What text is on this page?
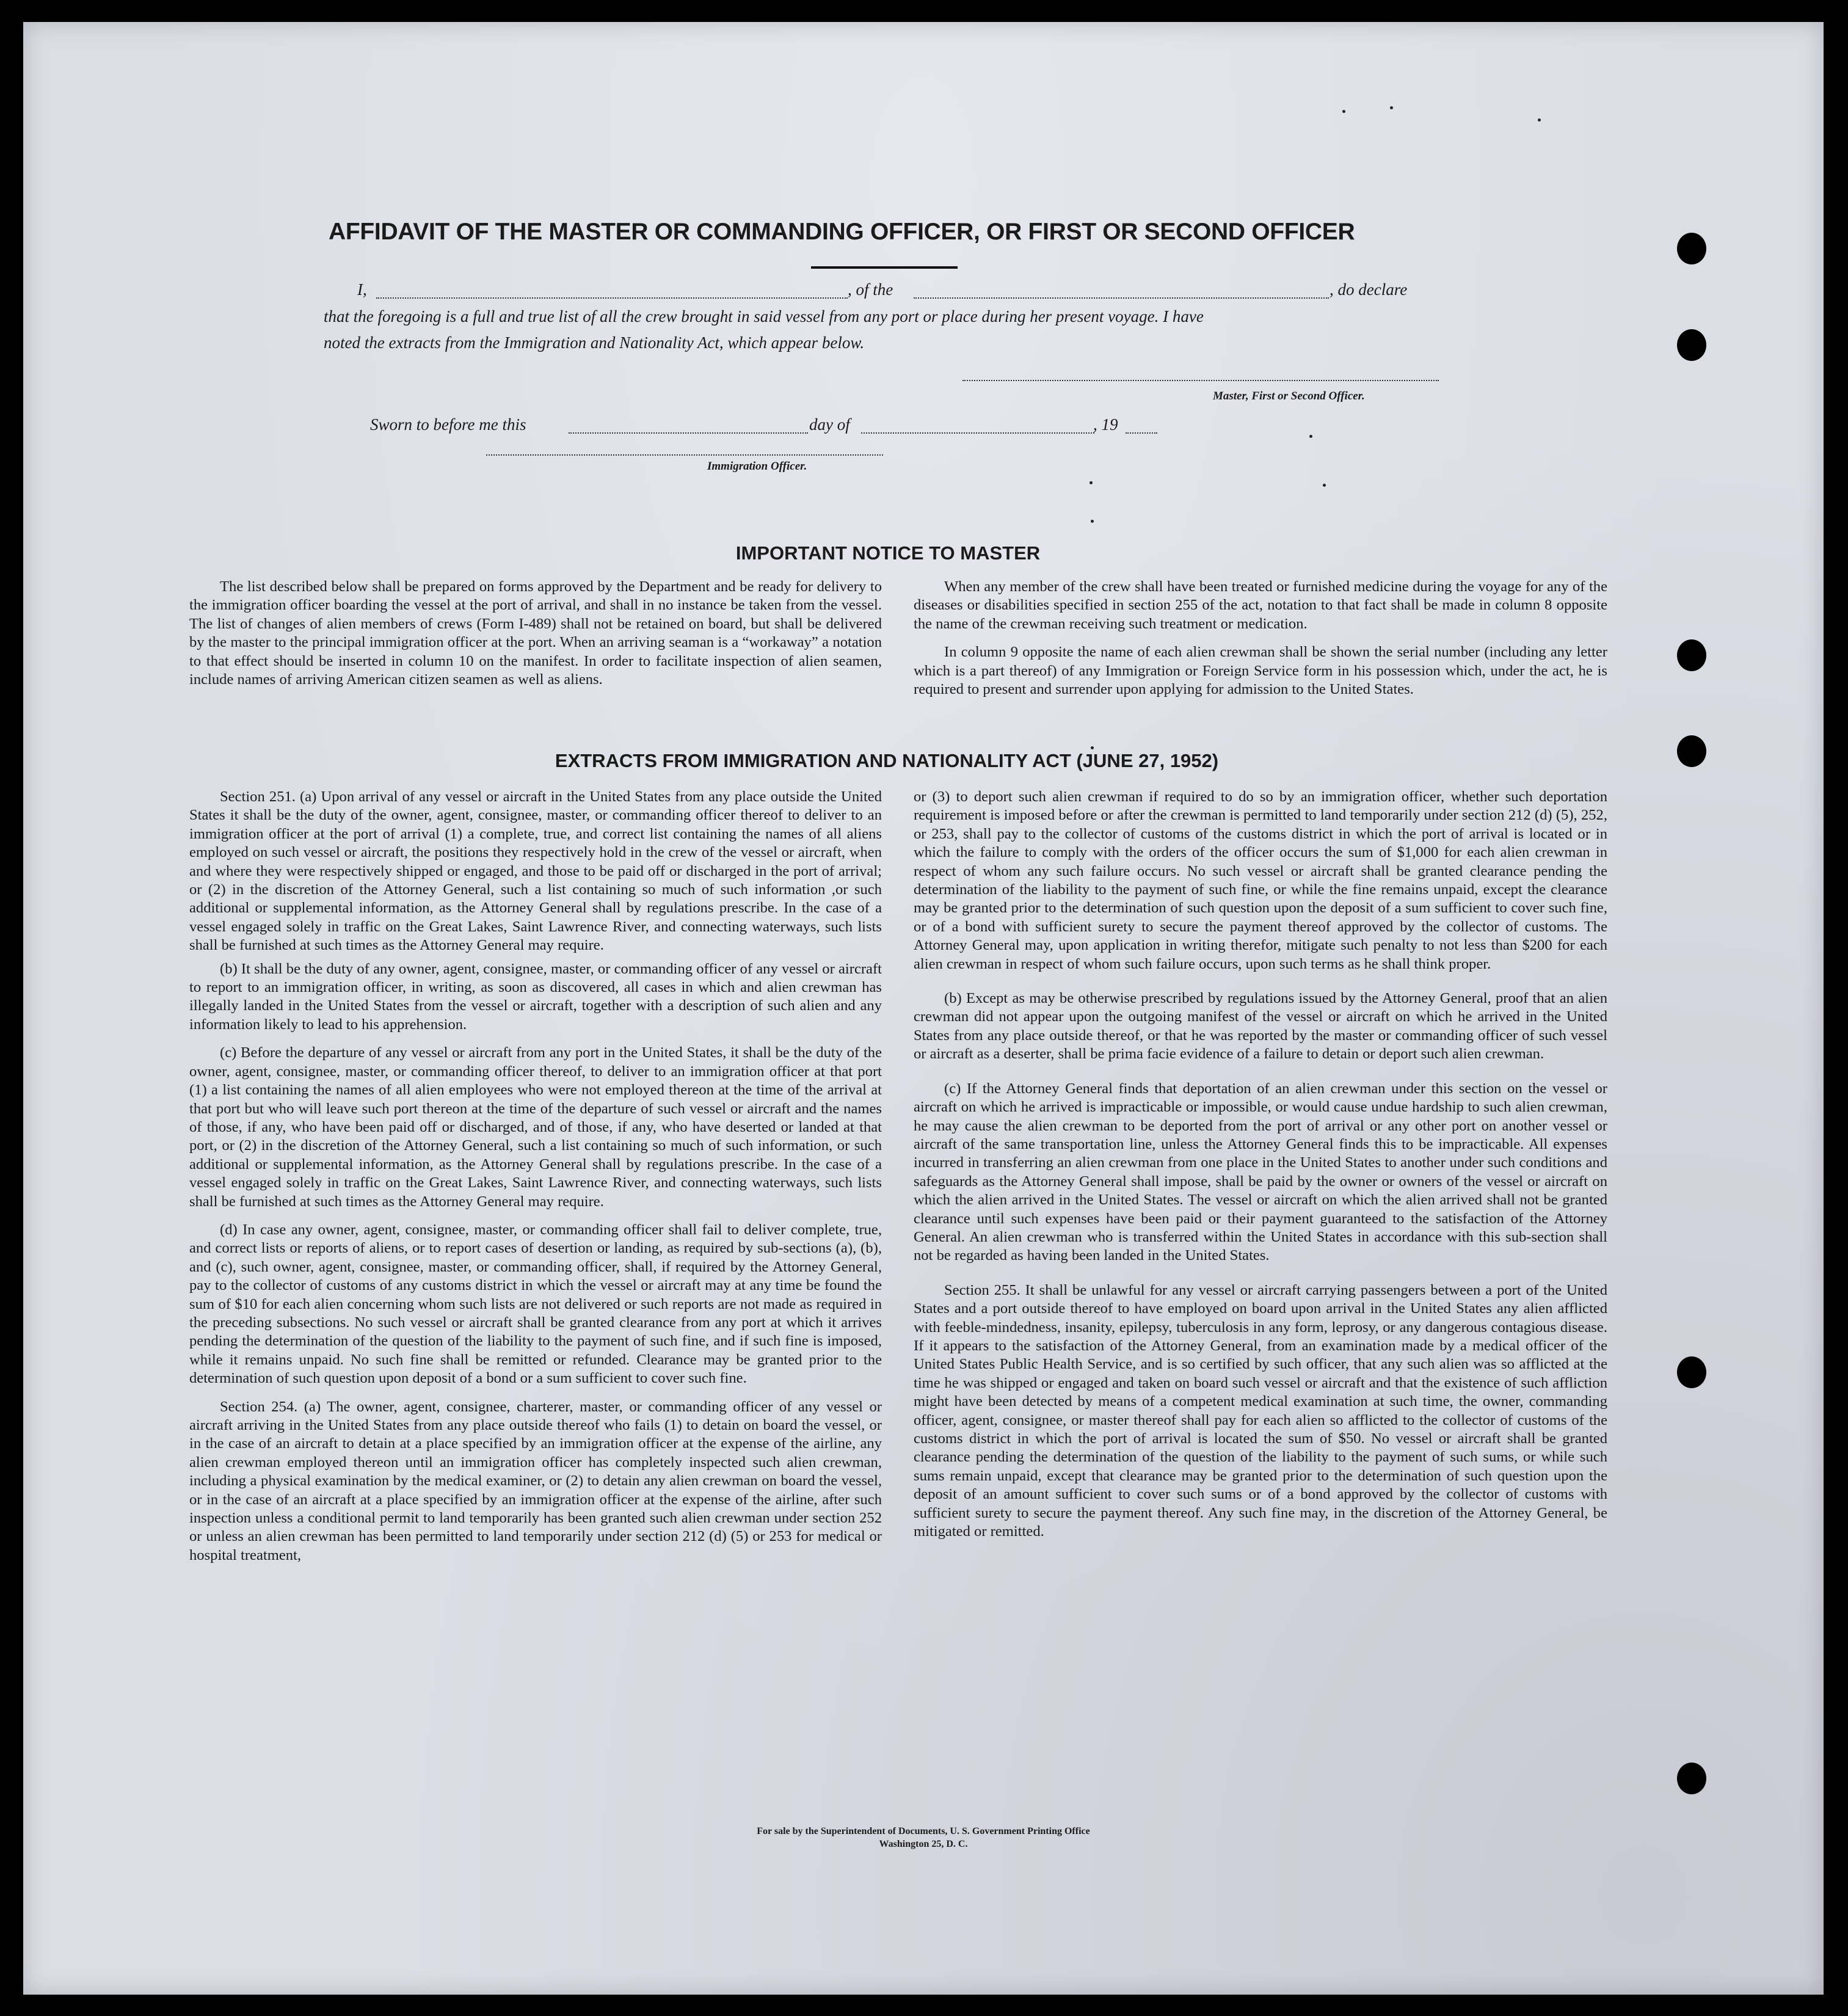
AFFIDAVIT OF THE MASTER OR COMMANDING OFFICER, OR FIRST OR SECOND OFFICER
I,	, of the	, do declare
that the foregoing is a full and true list of all the crew brought in said vessel from any port or place during her present voyage. I have
noted the extracts from the Immigration and Nationality Act, which appear below.
Master, First or Second Officer.
Sworn to before me this	day of	, 19
Immigration Officer.
IMPORTANT NOTICE TO MASTER

The list described below shall be prepared on forms approved by the Department and be ready for delivery to the immigration officer boarding the vessel at the port of arrival, and shall in no instance be taken from the vessel. The list of changes of alien members of crews (Form I-489) shall not be retained on board, but shall be delivered by the master to the principal immigration officer at the port. When an arriving seaman is a “workaway” a notation to that effect should be inserted in column 10 on the manifest. In order to facilitate inspection of alien seamen, include names of arriving American citizen seamen as well as aliens.

When any member of the crew shall have been treated or furnished medicine during the voyage for any of the diseases or disabilities specified in section 255 of the act, notation to that fact shall be made in column 8 opposite the name of the crewman receiving such treatment or medication.

In column 9 opposite the name of each alien crewman shall be shown the serial number (including any letter which is a part thereof) of any Immigration or Foreign Service form in his possession which, under the act, he is required to present and surrender upon applying for admission to the United States.

EXTRACTS FROM IMMIGRATION AND NATIONALITY ACT (JUNE 27, 1952)

Section 251. (a) Upon arrival of any vessel or aircraft in the United States from any place outside the United States it shall be the duty of the owner, agent, consignee, master, or commanding officer thereof to deliver to an immigration officer at the port of arrival (1) a complete, true, and correct list containing the names of all aliens employed on such vessel or aircraft, the positions they respectively hold in the crew of the vessel or aircraft, when and where they were respectively shipped or engaged, and those to be paid off or discharged in the port of arrival; or (2) in the discretion of the Attorney General, such a list containing so much of such information ,or such additional or supplemental information, as the Attorney General shall by regulations prescribe. In the case of a vessel engaged solely in traffic on the Great Lakes, Saint Lawrence River, and connecting waterways, such lists shall be furnished at such times as the Attorney General may require.

(b) It shall be the duty of any owner, agent, consignee, master, or commanding officer of any vessel or aircraft to report to an immigration officer, in writing, as soon as discovered, all cases in which and alien crewman has illegally landed in the United States from the vessel or aircraft, together with a description of such alien and any information likely to lead to his apprehension.

(c) Before the departure of any vessel or aircraft from any port in the United States, it shall be the duty of the owner, agent, consignee, master, or commanding officer thereof, to deliver to an immigration officer at that port (1) a list containing the names of all alien employees who were not employed thereon at the time of the arrival at that port but who will leave such port thereon at the time of the departure of such vessel or aircraft and the names of those, if any, who have been paid off or discharged, and of those, if any, who have deserted or landed at that port, or (2) in the discretion of the Attorney General, such a list containing so much of such information, or such additional or supplemental information, as the Attorney General shall by regulations prescribe. In the case of a vessel engaged solely in traffic on the Great Lakes, Saint Lawrence River, and connecting waterways, such lists shall be furnished at such times as the Attorney General may require.

(d) In case any owner, agent, consignee, master, or commanding officer shall fail to deliver complete, true, and correct lists or reports of aliens, or to report cases of desertion or landing, as required by sub-sections (a), (b), and (c), such owner, agent, consignee, master, or commanding officer, shall, if required by the Attorney General, pay to the collector of customs of any customs district in which the vessel or aircraft may at any time be found the sum of $10 for each alien concerning whom such lists are not delivered or such reports are not made as required in the preceding subsections. No such vessel or aircraft shall be granted clearance from any port at which it arrives pending the determination of the question of the liability to the payment of such fine, and if such fine is imposed, while it remains unpaid. No such fine shall be remitted or refunded. Clearance may be granted prior to the determination of such question upon deposit of a bond or a sum sufficient to cover such fine.

Section 254. (a) The owner, agent, consignee, charterer, master, or commanding officer of any vessel or aircraft arriving in the United States from any place outside thereof who fails (1) to detain on board the vessel, or in the case of an aircraft to detain at a place specified by an immigration officer at the expense of the airline, any alien crewman employed thereon until an immigration officer has completely inspected such alien crewman, including a physical examination by the medical examiner, or (2) to detain any alien crewman on board the vessel, or in the case of an aircraft at a place specified by an immigration officer at the expense of the airline, after such inspection unless a conditional permit to land temporarily has been granted such alien crewman under section 252 or unless an alien crewman has been permitted to land temporarily under section 212 (d) (5) or 253 for medical or hospital treatment,

or (3) to deport such alien crewman if required to do so by an immigration officer, whether such deportation requirement is imposed before or after the crewman is permitted to land temporarily under section 212 (d) (5), 252, or 253, shall pay to the collector of customs of the customs district in which the port of arrival is located or in which the failure to comply with the orders of the officer occurs the sum of $1,000 for each alien crewman in respect of whom any such failure occurs. No such vessel or aircraft shall be granted clearance pending the determination of the liability to the payment of such fine, or while the fine remains unpaid, except the clearance may be granted prior to the determination of such question upon the deposit of a sum sufficient to cover such fine, or of a bond with sufficient surety to secure the payment thereof approved by the collector of customs. The Attorney General may, upon application in writing therefor, mitigate such penalty to not less than $200 for each alien crewman in respect of whom such failure occurs, upon such terms as he shall think proper.

(b) Except as may be otherwise prescribed by regulations issued by the Attorney General, proof that an alien crewman did not appear upon the outgoing manifest of the vessel or aircraft on which he arrived in the United States from any place outside thereof, or that he was reported by the master or commanding officer of such vessel or aircraft as a deserter, shall be prima facie evidence of a failure to detain or deport such alien crewman.

(c) If the Attorney General finds that deportation of an alien crewman under this section on the vessel or aircraft on which he arrived is impracticable or impossible, or would cause undue hardship to such alien crewman, he may cause the alien crewman to be deported from the port of arrival or any other port on another vessel or aircraft of the same transportation line, unless the Attorney General finds this to be impracticable. All expenses incurred in transferring an alien crewman from one place in the United States to another under such conditions and safeguards as the Attorney General shall impose, shall be paid by the owner or owners of the vessel or aircraft on which the alien arrived in the United States. The vessel or aircraft on which the alien arrived shall not be granted clearance until such expenses have been paid or their payment guaranteed to the satisfaction of the Attorney General. An alien crewman who is transferred within the United States in accordance with this sub-section shall not be regarded as having been landed in the United States.

Section 255. It shall be unlawful for any vessel or aircraft carrying passengers between a port of the United States and a port outside thereof to have employed on board upon arrival in the United States any alien afflicted with feeble-mindedness, insanity, epilepsy, tuberculosis in any form, leprosy, or any dangerous contagious disease. If it appears to the satisfaction of the Attorney General, from an examination made by a medical officer of the United States Public Health Service, and is so certified by such officer, that any such alien was so afflicted at the time he was shipped or engaged and taken on board such vessel or aircraft and that the existence of such affliction might have been detected by means of a competent medical examination at such time, the owner, commanding officer, agent, consignee, or master thereof shall pay for each alien so afflicted to the collector of customs of the customs district in which the port of arrival is located the sum of $50. No vessel or aircraft shall be granted clearance pending the determination of the question of the liability to the payment of such sums, or while such sums remain unpaid, except that clearance may be granted prior to the determination of such question upon the deposit of an amount sufficient to cover such sums or of a bond approved by the collector of customs with sufficient surety to secure the payment thereof. Any such fine may, in the discretion of the Attorney General, be mitigated or remitted.

For sale by the Superintendent of Documents, U. S. Government Printing Office
Washington 25, D. C.
